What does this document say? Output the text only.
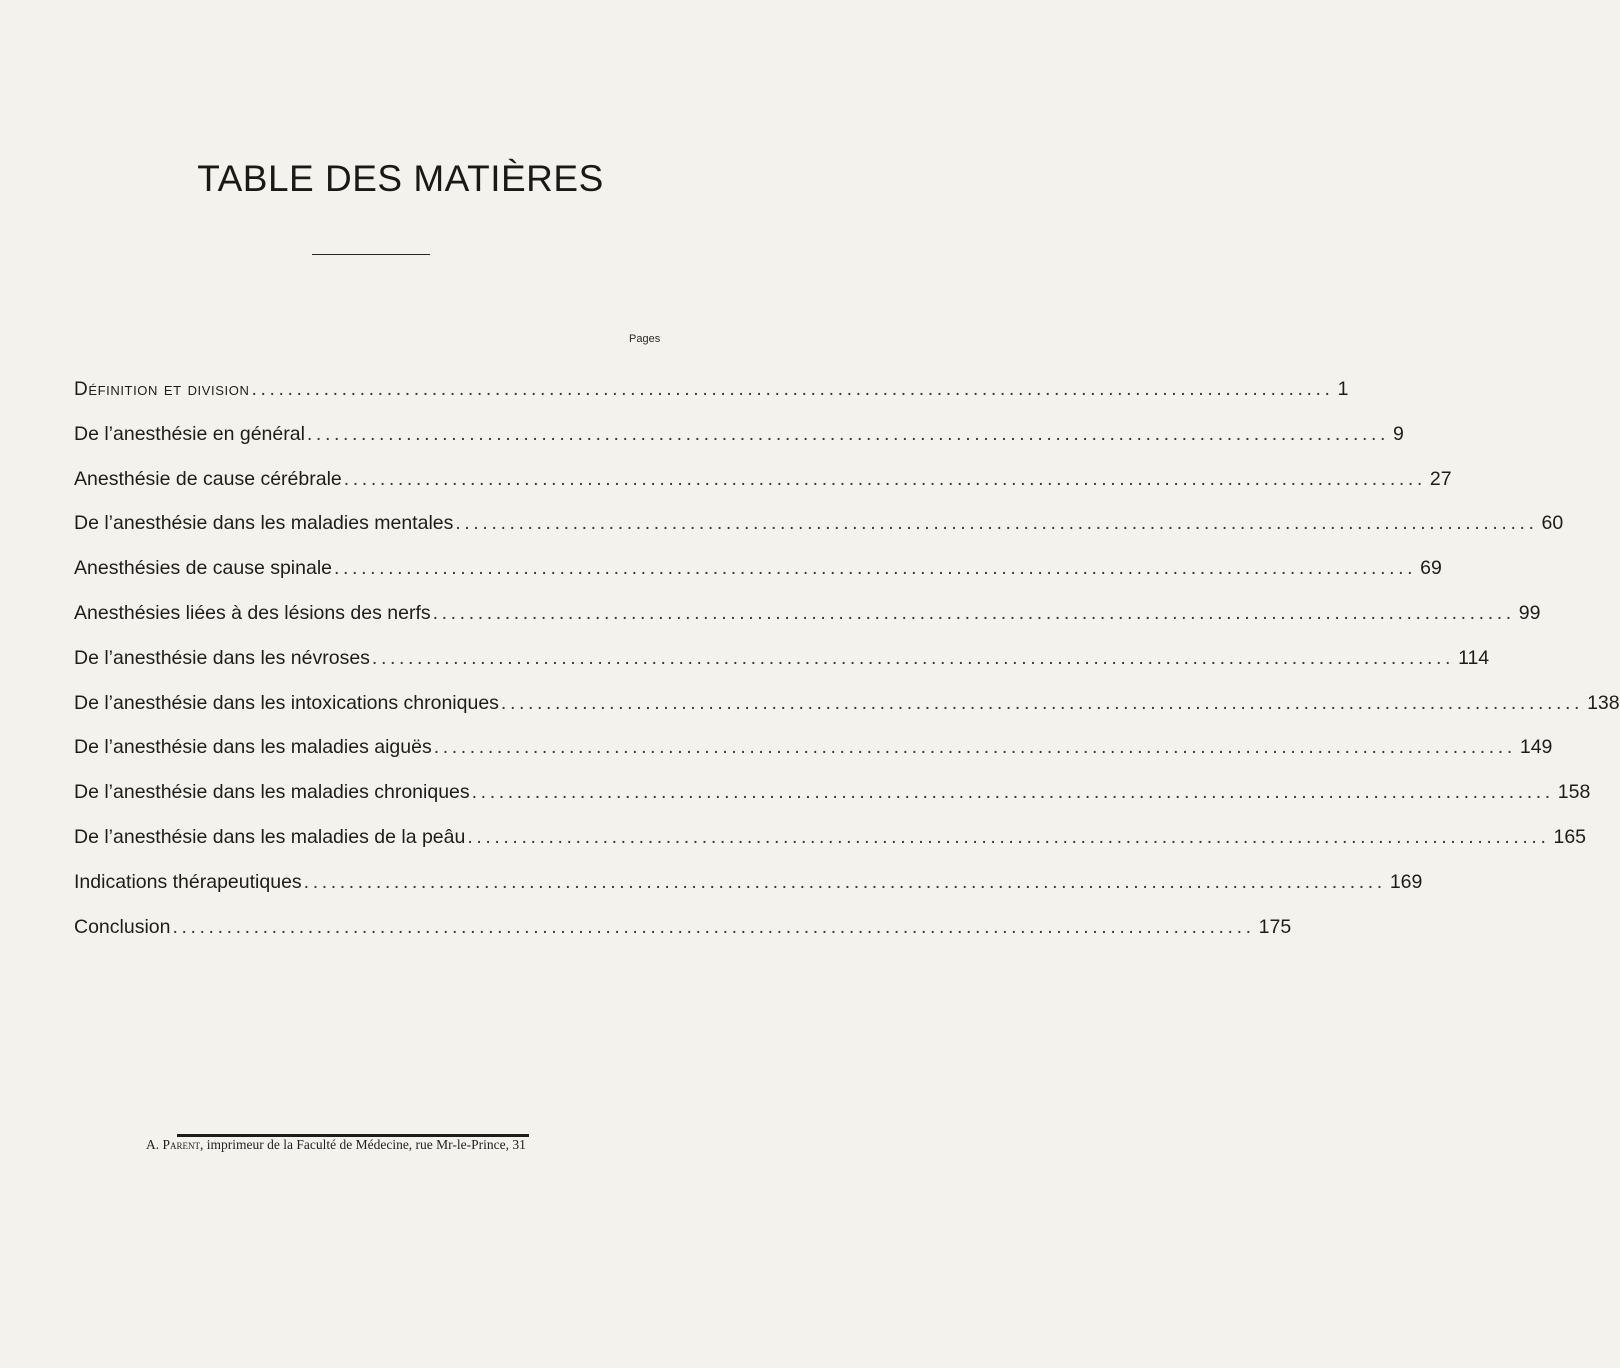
TABLE DES MATIÈRES
Pages
Définition et division ........................................................................................................................ 1
De l’anesthésie en général ........................................................................................................................ 9
Anesthésie de cause cérébrale ........................................................................................................................ 27
De l’anesthésie dans les maladies mentales ........................................................................................................................ 60
Anesthésies de cause spinale ........................................................................................................................ 69
Anesthésies liées à des lésions des nerfs ........................................................................................................................ 99
De l’anesthésie dans les névroses ........................................................................................................................ 114
De l’anesthésie dans les intoxications chroniques ........................................................................................................................ 138
De l’anesthésie dans les maladies aiguës ........................................................................................................................ 149
De l’anesthésie dans les maladies chroniques ........................................................................................................................ 158
De l’anesthésie dans les maladies de la peâu ........................................................................................................................ 165
Indications thérapeutiques ........................................................................................................................ 169
Conclusion ........................................................................................................................ 175
A. Parent, imprimeur de la Faculté de Médecine, rue Mr-le-Prince, 31
